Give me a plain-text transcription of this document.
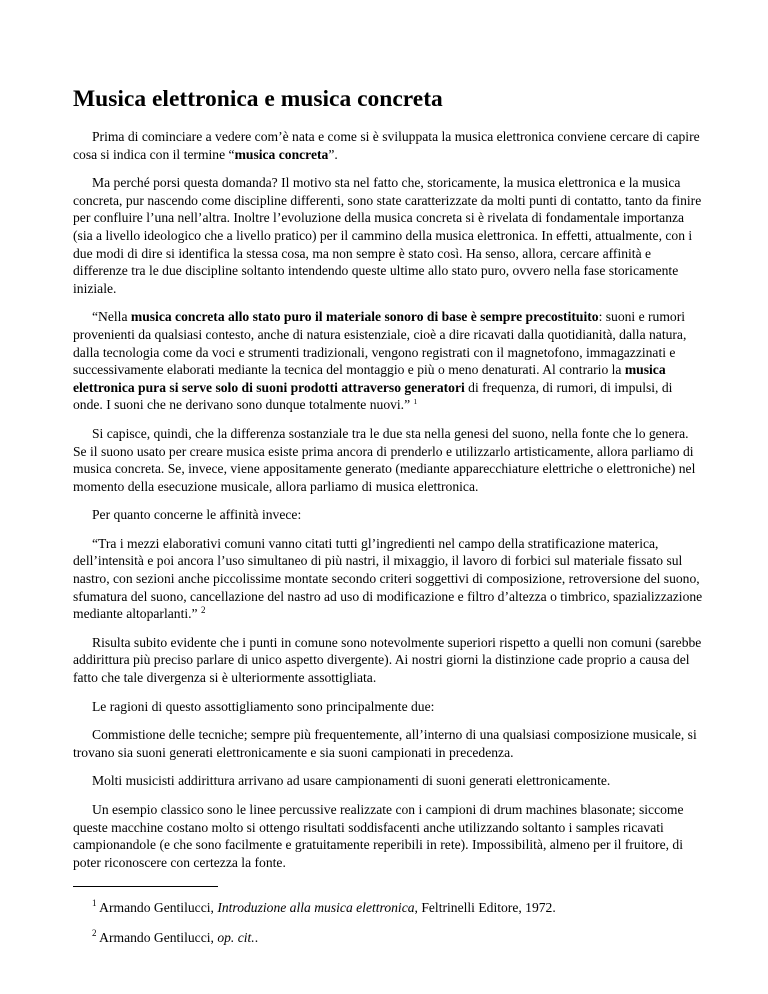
Musica elettronica e musica concreta

Prima di cominciare a vedere com’è nata e come si è sviluppata la musica elettronica conviene cercare di capire cosa si indica con il termine “musica concreta”.

Ma perché porsi questa domanda? Il motivo sta nel fatto che, storicamente, la musica elettronica e la musica concreta, pur nascendo come discipline differenti, sono state caratterizzate da molti punti di contatto, tanto da finire per confluire l’una nell’altra. Inoltre l’evoluzione della musica concreta si è rivelata di fondamentale importanza (sia a livello ideologico che a livello pratico) per il cammino della musica elettronica. In effetti, attualmente, con i due modi di dire si identifica la stessa cosa, ma non sempre è stato così. Ha senso, allora, cercare affinità e differenze tra le due discipline soltanto intendendo queste ultime allo stato puro, ovvero nella fase storicamente iniziale.

“Nella musica concreta allo stato puro il materiale sonoro di base è sempre precostituito: suoni e rumori provenienti da qualsiasi contesto, anche di natura esistenziale, cioè a dire ricavati dalla quotidianità, dalla natura, dalla tecnologia come da voci e strumenti tradizionali, vengono registrati con il magnetofono, immagazzinati e successivamente elaborati mediante la tecnica del montaggio e più o meno denaturati. Al contrario la musica elettronica pura si serve solo di suoni prodotti attraverso generatori di frequenza, di rumori, di impulsi, di onde. I suoni che ne derivano sono dunque totalmente nuovi.” $^1$

Si capisce, quindi, che la differenza sostanziale tra le due sta nella genesi del suono, nella fonte che lo genera. Se il suono usato per creare musica esiste prima ancora di prenderlo e utilizzarlo artisticamente, allora parliamo di musica concreta. Se, invece, viene appositamente generato (mediante apparecchiature elettriche o elettroniche) nel momento della esecuzione musicale, allora parliamo di musica elettronica.

Per quanto concerne le affinità invece:

“Tra i mezzi elaborativi comuni vanno citati tutti gl’ingredienti nel campo della stratificazione materica, dell’intensità e poi ancora l’uso simultaneo di più nastri, il mixaggio, il lavoro di forbici sul materiale fissato sul nastro, con sezioni anche piccolissime montate secondo criteri soggettivi di composizione, retroversione del suono, sfumatura del suono, cancellazione del nastro ad uso di modificazione e filtro d’altezza o timbrico, spazializzazione mediante altoparlanti.” $^2$

Risulta subito evidente che i punti in comune sono notevolmente superiori rispetto a quelli non comuni (sarebbe addirittura più preciso parlare di unico aspetto divergente). Ai nostri giorni la distinzione cade proprio a causa del fatto che tale divergenza si è ulteriormente assottigliata.

Le ragioni di questo assottigliamento sono principalmente due:

Commistione delle tecniche; sempre più frequentemente, all’interno di una qualsiasi composizione musicale, si trovano sia suoni generati elettronicamente e sia suoni campionati in precedenza.

Molti musicisti addirittura arrivano ad usare campionamenti di suoni generati elettronicamente.

Un esempio classico sono le linee percussive realizzate con i campioni di drum machines blasonate; siccome queste macchine costano molto si ottengo risultati soddisfacenti anche utilizzando soltanto i samples ricavati campionandole (e che sono facilmente e gratuitamente reperibili in rete). Impossibilità, almeno per il fruitore, di poter riconoscere con certezza la fonte.

$^1$ Armando Gentilucci, Introduzione alla musica elettronica, Feltrinelli Editore, 1972.

$^2$ Armando Gentilucci, op. cit..
